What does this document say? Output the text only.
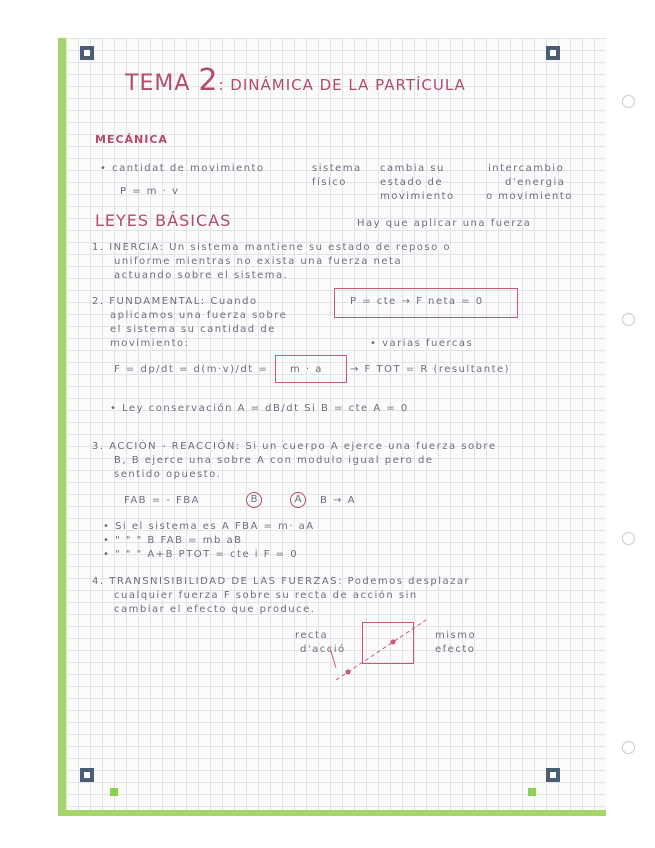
TEMA 2: DINÁMICA DE LA PARTÍCULA
MECÁNICA
• cantidat de movimiento
P = m · v
sistema
físico
cambia su
estado de
movimiento
intercambio
d'energia
o movimiento
LEYES BÁSICAS	Hay que aplicar una fuerza
1. INERCIA: Un sistema mantiene su estado de reposo o
uniforme mientras no exista una fuerza neta
actuando sobre el sistema.
2. FUNDAMENTAL: Cuando
aplicamos una fuerza sobre
el sistema su cantidad de
movimiento:
P = cte → F neta = 0
• varias fuercas
F = dp/dt = d(m·v)/dt = m · a	→ F TOT = R (resultante)
• Ley conservación A = dB/dt Si B = cte A = 0
3. ACCIÓN - REACCIÓN: Si un cuerpo A ejerce una fuerza sobre
B, B ejerce una sobre A con modulo igual pero de
sentido opuesto.
FAB = - FBA	B	A	B → A
• Si el sistema es A FBA = m· aA
• " " " B FAB = mb aB
• " " " A+B PTOT = cte i F = 0
4. TRANSNISIBILIDAD DE LAS FUERZAS: Podemos desplazar
cualquier fuerza F sobre su recta de acción sin
cambiar el efecto que produce.
recta
d'acció
mismo
efecto
